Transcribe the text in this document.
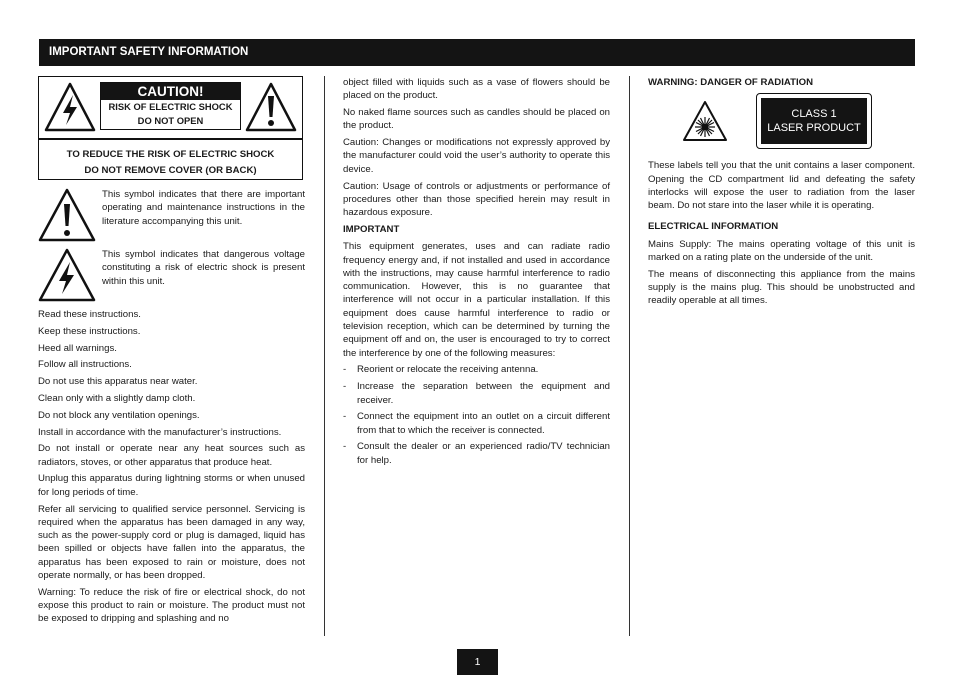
IMPORTANT SAFETY INFORMATION
CAUTION!
RISK OF ELECTRIC SHOCK
DO NOT OPEN
TO REDUCE THE RISK OF ELECTRIC SHOCK
DO NOT REMOVE COVER (OR BACK)
This symbol indicates that there are important operating and maintenance instructions in the literature accompanying this unit.
This symbol indicates that dangerous voltage constituting a risk of electric shock is present within this unit.

Read these instructions.

Keep these instructions.

Heed all warnings.

Follow all instructions.

Do not use this apparatus near water.

Clean only with a slightly damp cloth.

Do not block any ventilation openings.

Install in accordance with the manufacturer’s instructions.

Do not install or operate near any heat sources such as radiators, stoves, or other apparatus that produce heat.

Unplug this apparatus during lightning storms or when unused for long periods of time.

Refer all servicing to qualified service personnel. Servicing is required when the apparatus has been damaged in any way, such as the power-supply cord or plug is damaged, liquid has been spilled or objects have fallen into the apparatus, the apparatus has been exposed to rain or moisture, does not operate normally, or has been dropped.

Warning: To reduce the risk of fire or electrical shock, do not expose this product to rain or moisture. The product must not be exposed to dripping and splashing and no

object filled with liquids such as a vase of flowers should be placed on the product.

No naked flame sources such as candles should be placed on the product.

Caution: Changes or modifications not expressly approved by the manufacturer could void the user’s authority to operate this device.

Caution: Usage of controls or adjustments or performance of procedures other than those specified herein may result in hazardous exposure.

IMPORTANT

This equipment generates, uses and can radiate radio frequency energy and, if not installed and used in accordance with the instructions, may cause harmful interference to radio communication. However, this is no guarantee that interference will not occur in a particular installation. If this equipment does cause harmful interference to radio or television reception, which can be determined by turning the equipment off and on, the user is encouraged to try to correct the interference by one of the following measures:

-	Reorient or relocate the receiving antenna.
-	Increase the separation between the equipment and receiver.
-	Connect the equipment into an outlet on a circuit different from that to which the receiver is connected.
-	Consult the dealer or an experienced radio/TV technician for help.
WARNING: DANGER OF RADIATION
CLASS 1
LASER PRODUCT

These labels tell you that the unit contains a laser component. Opening the CD compartment lid and defeating the safety interlocks will expose the user to radiation from the laser beam. Do not stare into the laser while it is operating.

ELECTRICAL INFORMATION

Mains Supply: The mains operating voltage of this unit is marked on a rating plate on the underside of the unit.

The means of disconnecting this appliance from the mains supply is the mains plug. This should be unobstructed and readily operable at all times.

1
